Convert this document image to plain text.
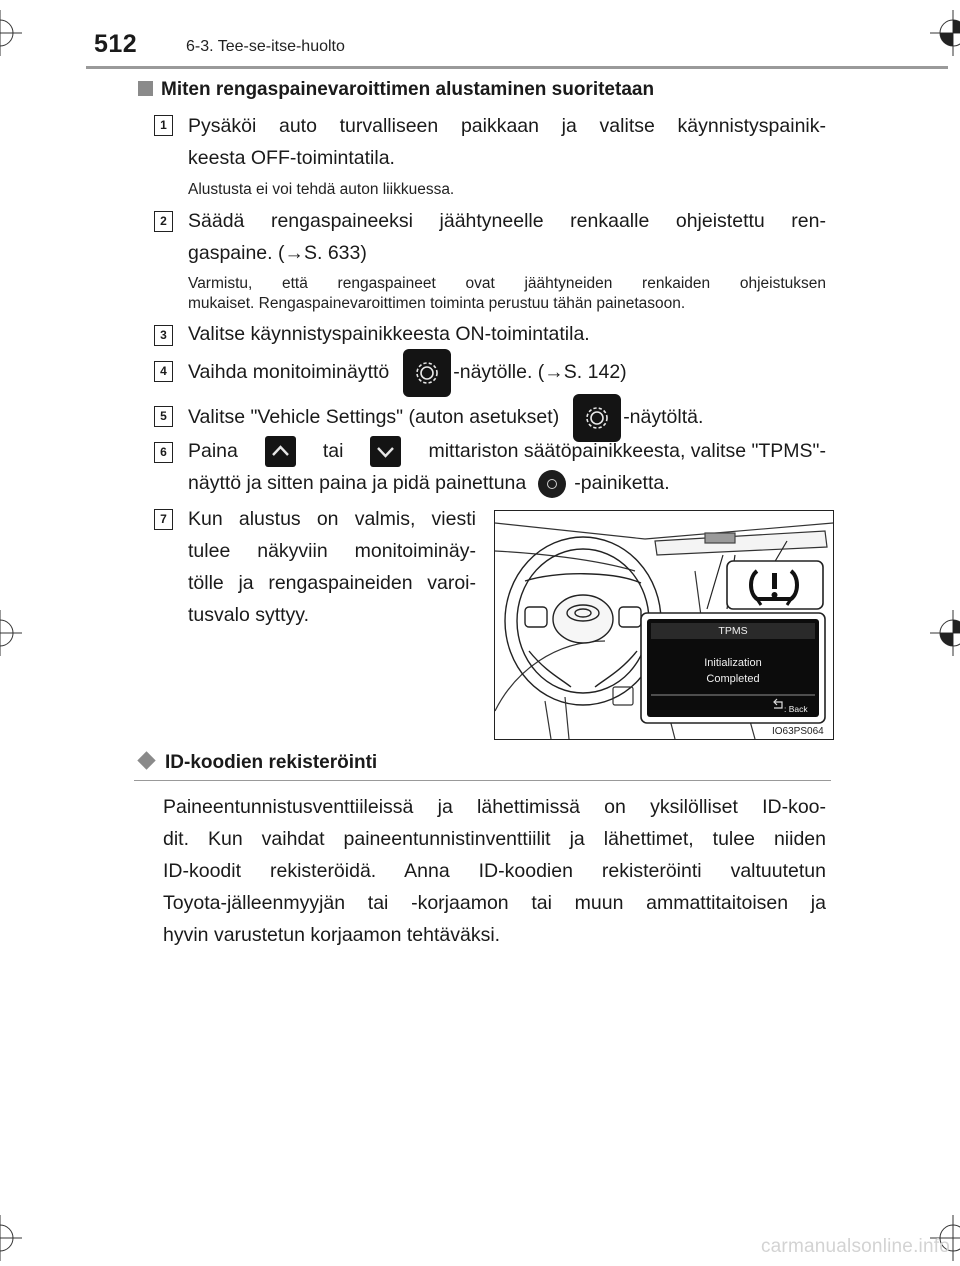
512	6-3. Tee-se-itse-huolto
Miten rengaspainevaroittimen alustaminen suoritetaan
1	Pysäköi auto turvalliseen paikkaan ja valitse käynnistyspainik-
keesta OFF-toimintatila.
Alustusta ei voi tehdä auton liikkuessa.
2	Säädä rengaspaineeksi jäähtyneelle renkaalle ohjeistettu ren-
gaspaine. (→S. 633)
Varmistu, että rengaspaineet ovat jäähtyneiden renkaiden ohjeistuksen
mukaiset. Rengaspainevaroittimen toiminta perustuu tähän painetasoon.
3	Valitse käynnistyspainikkeesta ON-toimintatila.
4	Vaihda monitoiminäyttö	-näytölle. (→S. 142)
5	Valitse "Vehicle Settings" (auton asetukset)	-näytöltä.
6	Paina	tai	mittariston säätöpainikkeesta, valitse "TPMS"-
näyttö ja sitten paina ja pidä painettuna -painiketta.
7	Kun alustus on valmis, viesti
tulee näkyviin monitoiminäy-
tölle ja rengaspaineiden varoi-
tusvalo syttyy.
TPMS
Initialization
Completed
: Back
IO63PS064
ID-koodien rekisteröinti
Paineentunnistusventtiileissä ja lähettimissä on yksilölliset ID-koo-
dit. Kun vaihdat paineentunnistinventtiilit ja lähettimet, tulee niiden
ID-koodit rekisteröidä. Anna ID-koodien rekisteröinti valtuutetun
Toyota-jälleenmyyjän tai -korjaamon tai muun ammattitaitoisen ja
hyvin varustetun korjaamon tehtäväksi.
carmanualsonline.info
